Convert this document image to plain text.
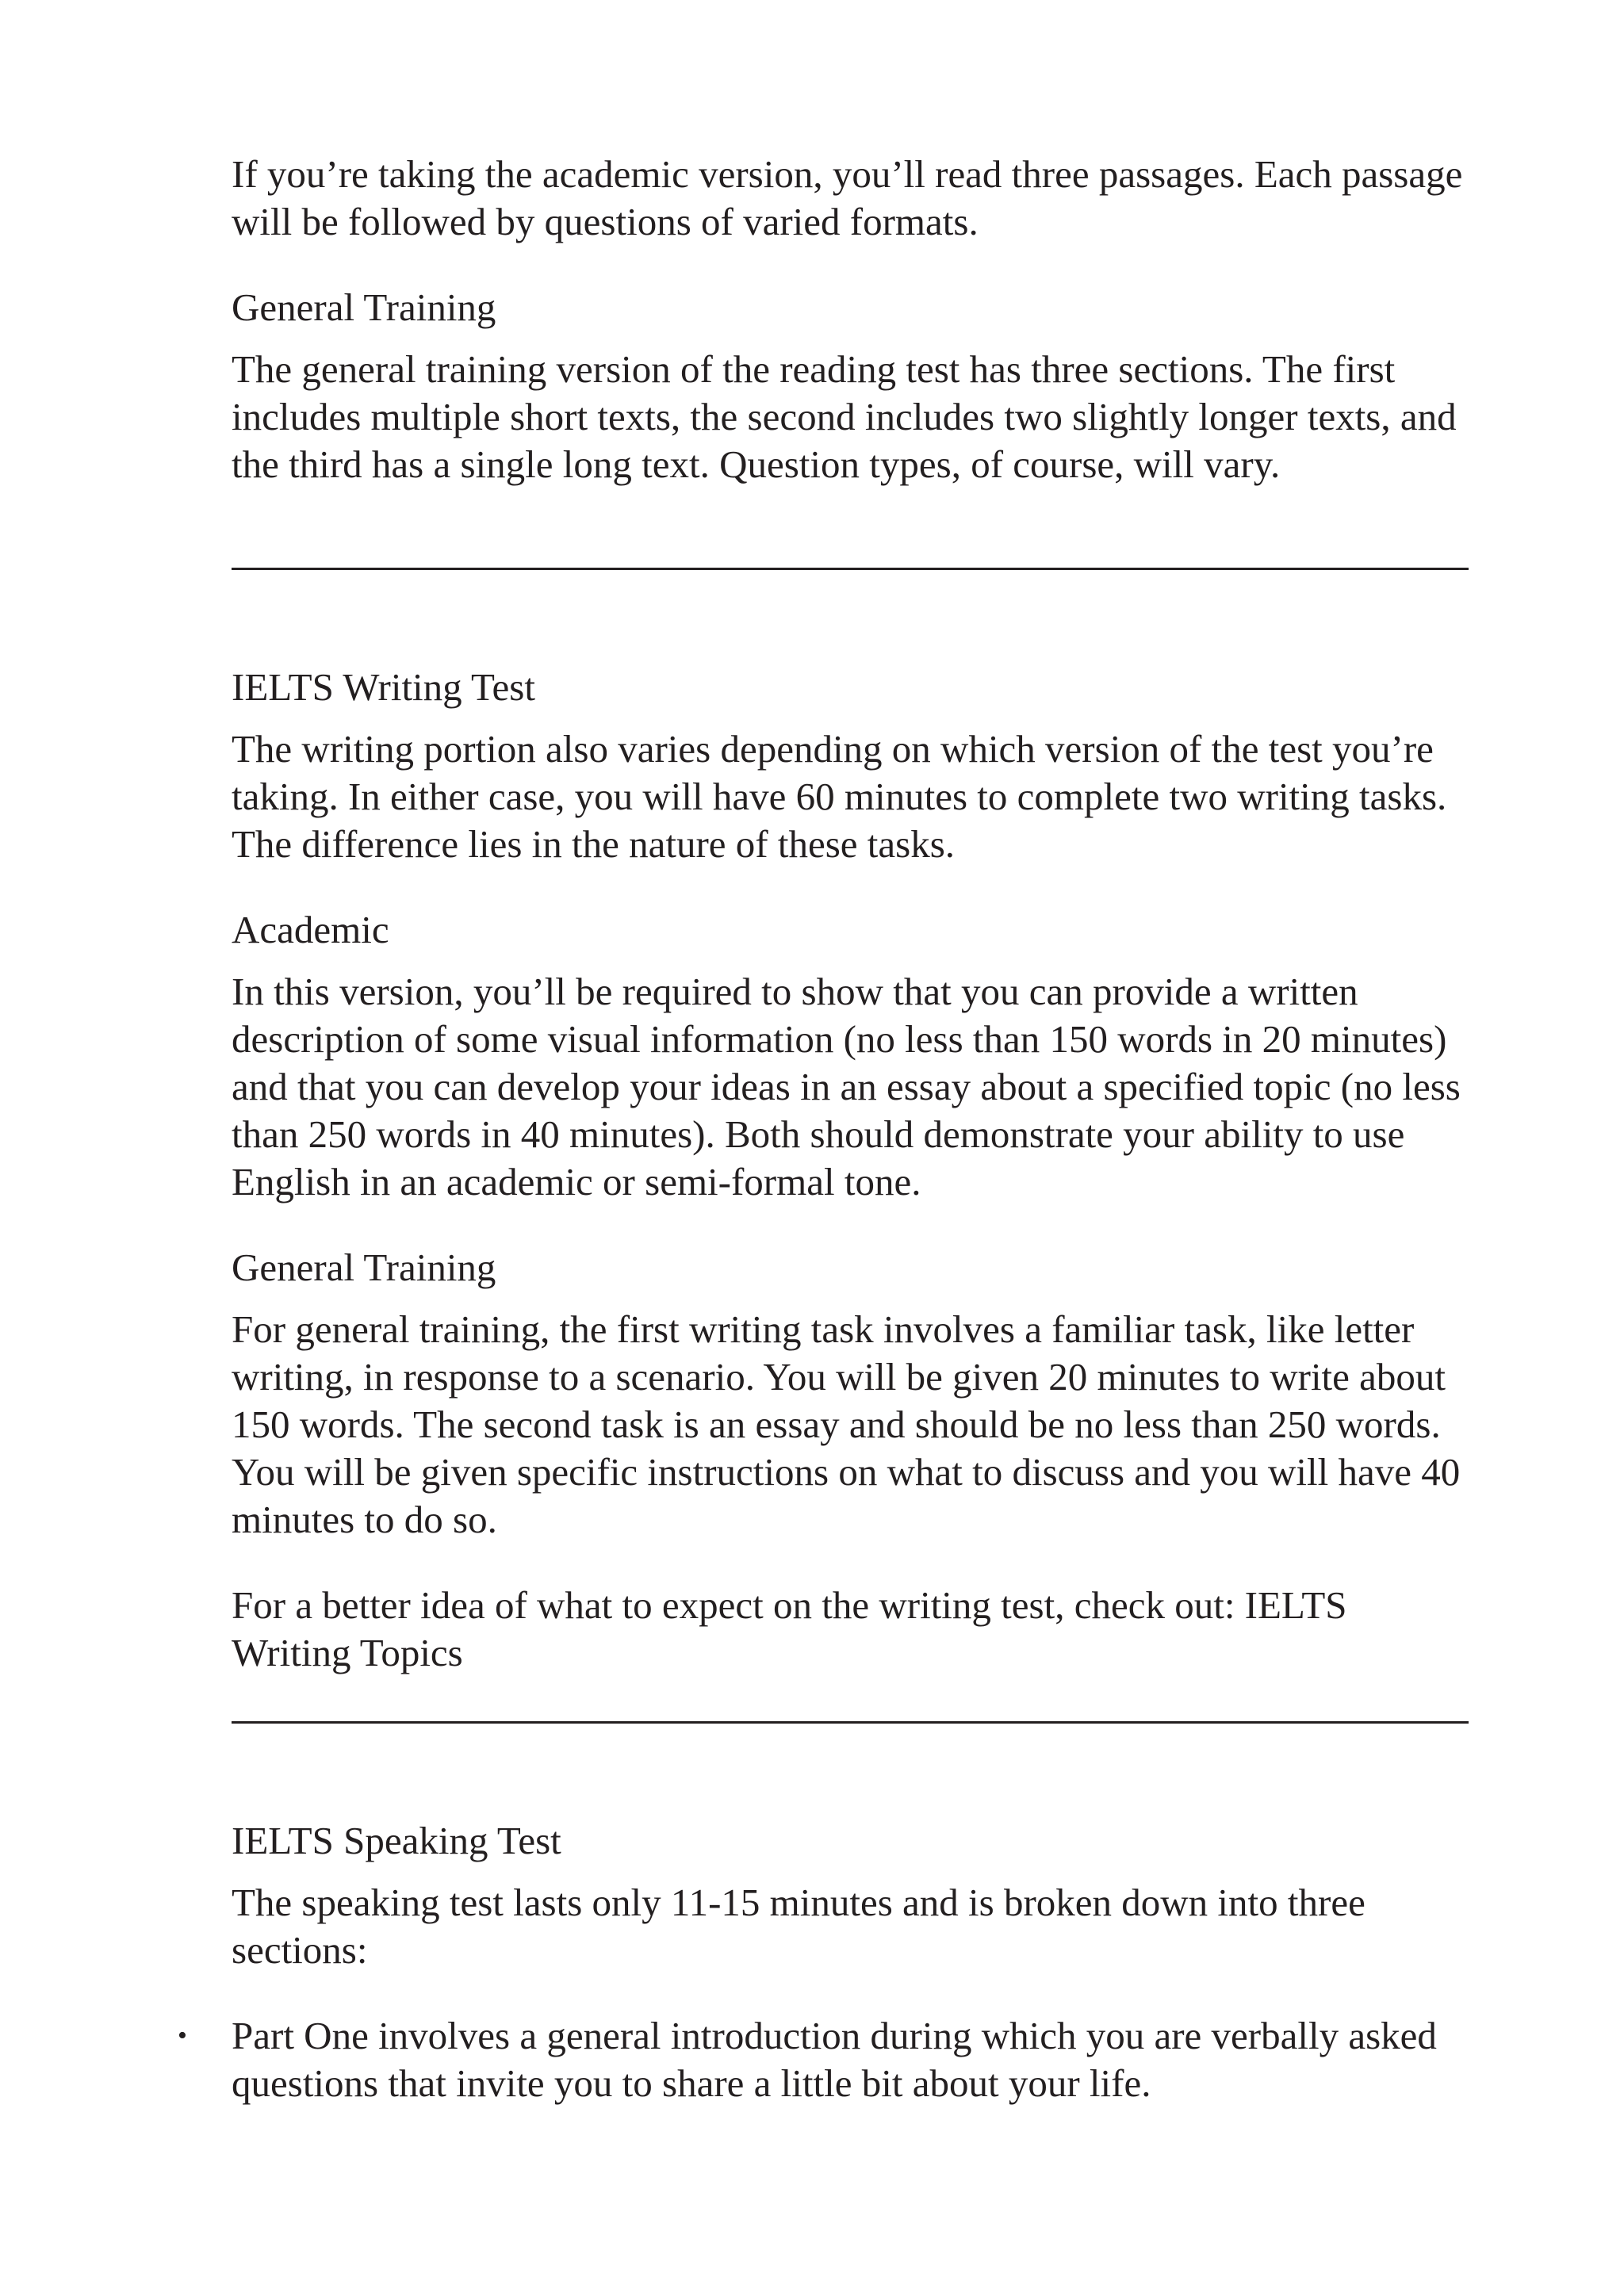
If you’re taking the academic version, you’ll read three passages. Each passage will be followed by questions of varied formats.

General Training

The general training version of the reading test has three sections. The first includes multiple short texts, the second includes two slightly longer texts, and the third has a single long text. Question types, of course, will vary.

IELTS Writing Test

The writing portion also varies depending on which version of the test you’re taking. In either case, you will have 60 minutes to complete two writing tasks. The difference lies in the nature of these tasks.

Academic

In this version, you’ll be required to show that you can provide a written description of some visual information (no less than 150 words in 20 minutes) and that you can develop your ideas in an essay about a specified topic (no less than 250 words in 40 minutes). Both should demonstrate your ability to use English in an academic or semi-formal tone.

General Training

For general training, the first writing task involves a familiar task, like letter writing, in response to a scenario. You will be given 20 minutes to write about 150 words. The second task is an essay and should be no less than 250 words. You will be given specific instructions on what to discuss and you will have 40 minutes to do so.

For a better idea of what to expect on the writing test, check out: IELTS Writing Topics

IELTS Speaking Test

The speaking test lasts only 11-15 minutes and is broken down into three sections:

• Part One involves a general introduction during which you are verbally asked questions that invite you to share a little bit about your life.
